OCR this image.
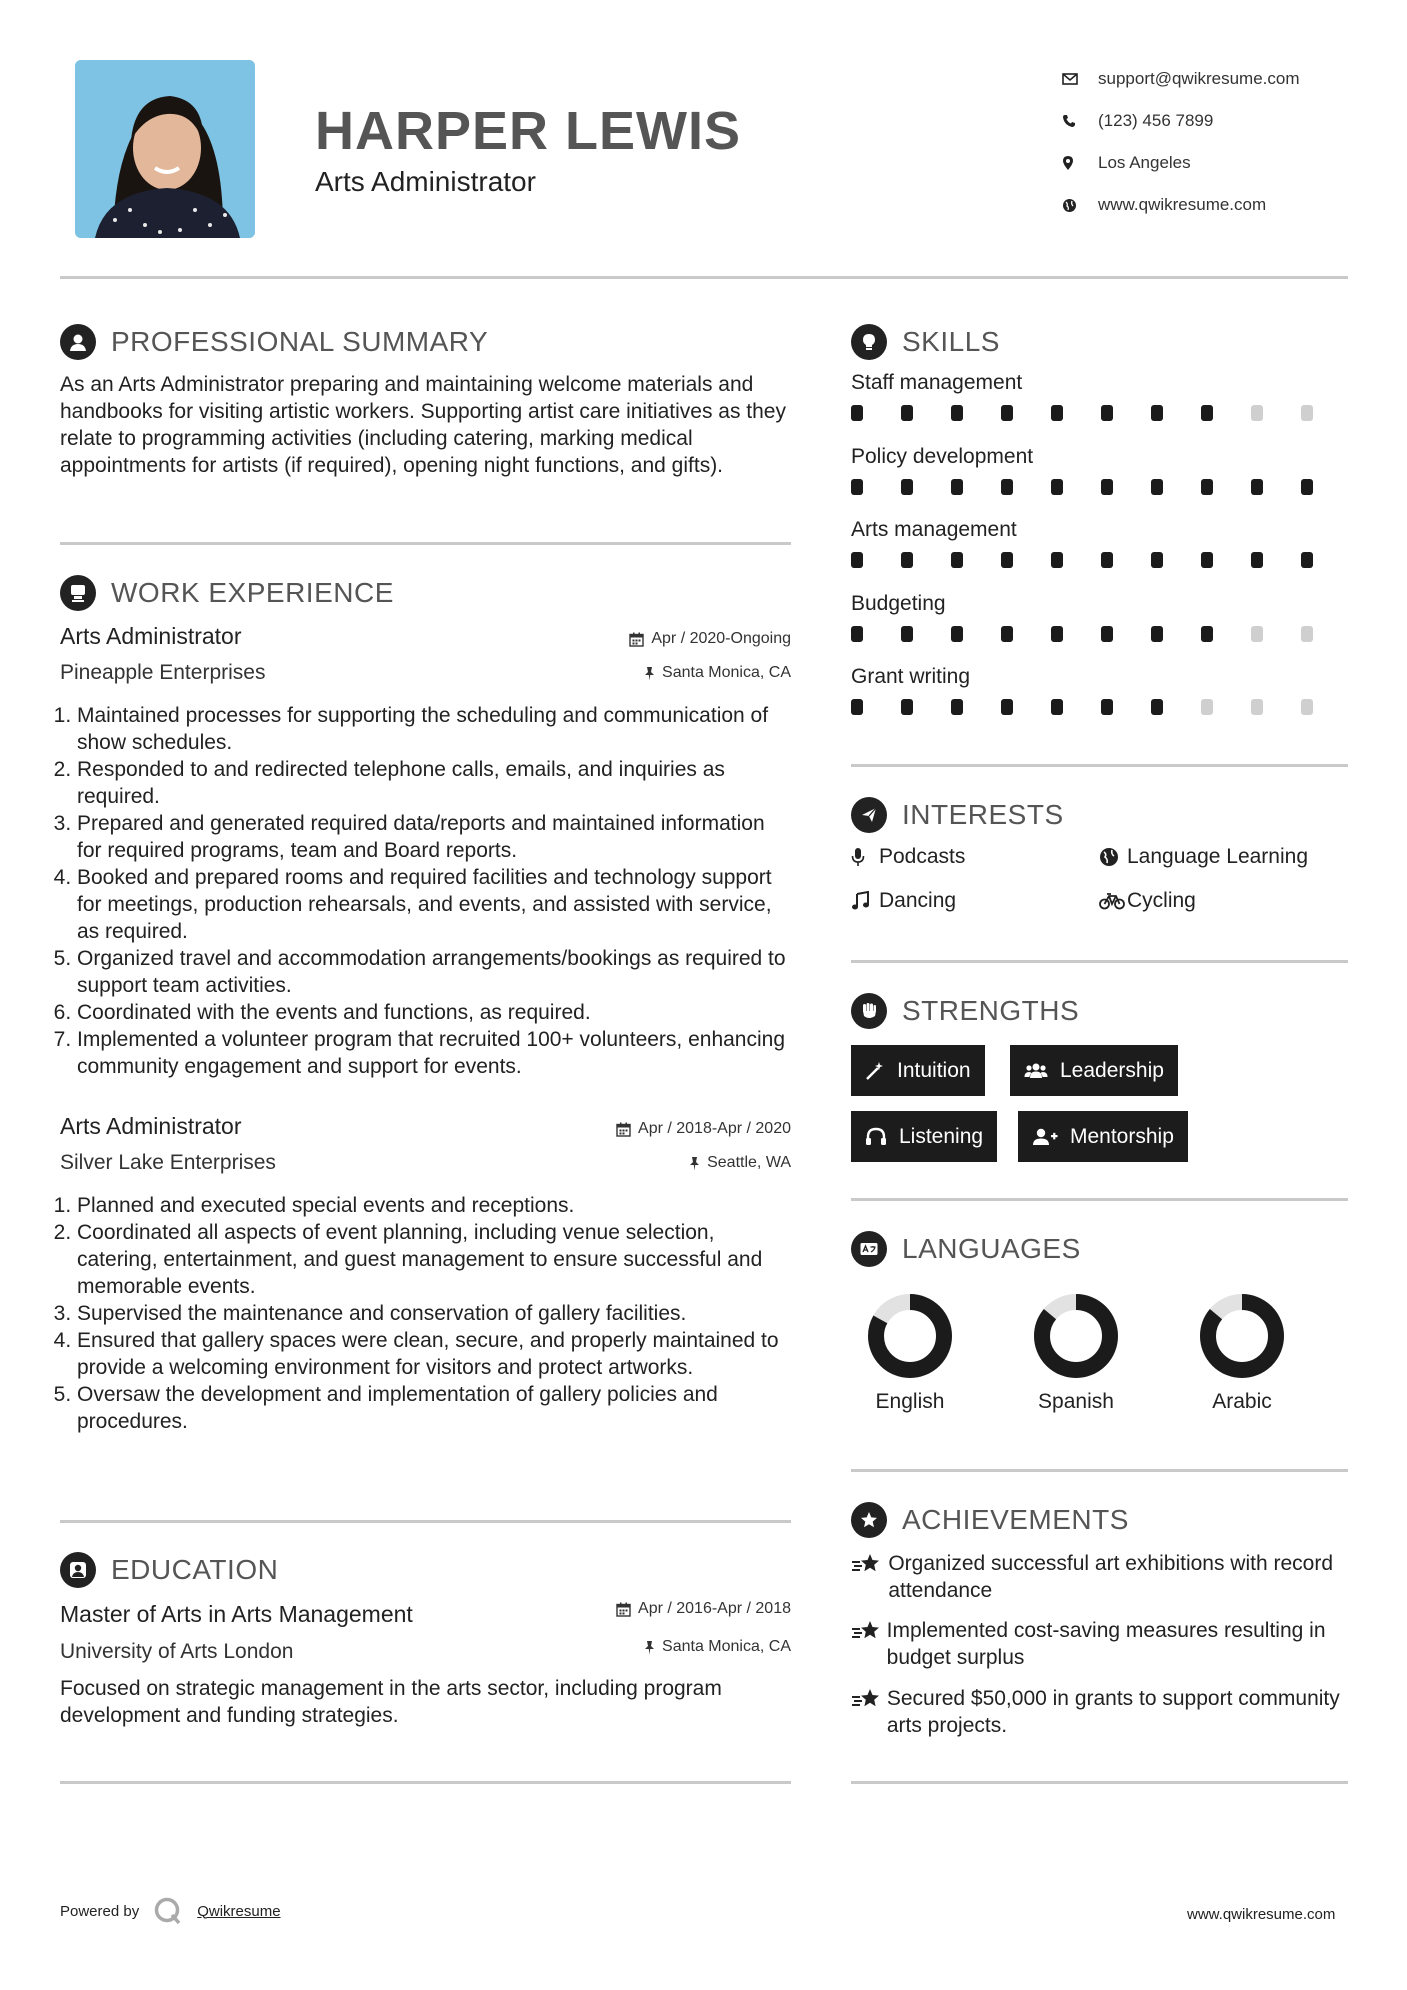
HARPER LEWIS
Arts Administrator
support@qwikresume.com
(123) 456 7899
Los Angeles
www.qwikresume.com
PROFESSIONAL SUMMARY
As an Arts Administrator preparing and maintaining welcome materials and handbooks for visiting artistic workers. Supporting artist care initiatives as they relate to programming activities (including catering, marking medical appointments for artists (if required), opening night functions, and gifts).
WORK EXPERIENCE
Arts Administrator	Apr / 2020-Ongoing
Pineapple Enterprises	Santa Monica, CA
1. Maintained processes for supporting the scheduling and communication of show schedules.
2. Responded to and redirected telephone calls, emails, and inquiries as required.
3. Prepared and generated required data/reports and maintained information for required programs, team and Board reports.
4. Booked and prepared rooms and required facilities and technology support for meetings, production rehearsals, and events, and assisted with service, as required.
5. Organized travel and accommodation arrangements/bookings as required to support team activities.
6. Coordinated with the events and functions, as required.
7. Implemented a volunteer program that recruited 100+ volunteers, enhancing community engagement and support for events.
Arts Administrator	Apr / 2018-Apr / 2020
Silver Lake Enterprises	Seattle, WA
1. Planned and executed special events and receptions.
2. Coordinated all aspects of event planning, including venue selection, catering, entertainment, and guest management to ensure successful and memorable events.
3. Supervised the maintenance and conservation of gallery facilities.
4. Ensured that gallery spaces were clean, secure, and properly maintained to provide a welcoming environment for visitors and protect artworks.
5. Oversaw the development and implementation of gallery policies and procedures.
EDUCATION
Master of Arts in Arts Management	Apr / 2016-Apr / 2018
University of Arts London	Santa Monica, CA
Focused on strategic management in the arts sector, including program development and funding strategies.
SKILLS
Staff management
Policy development
Arts management
Budgeting
Grant writing
INTERESTS
Podcasts	Language Learning
Dancing	Cycling
STRENGTHS
Intuition	Leadership
Listening	Mentorship
LANGUAGES
English	Spanish	Arabic
ACHIEVEMENTS
Organized successful art exhibitions with record attendance
Implemented cost-saving measures resulting in budget surplus
Secured $50,000 in grants to support community arts projects.
Powered by	Qwikresume	www.qwikresume.com
